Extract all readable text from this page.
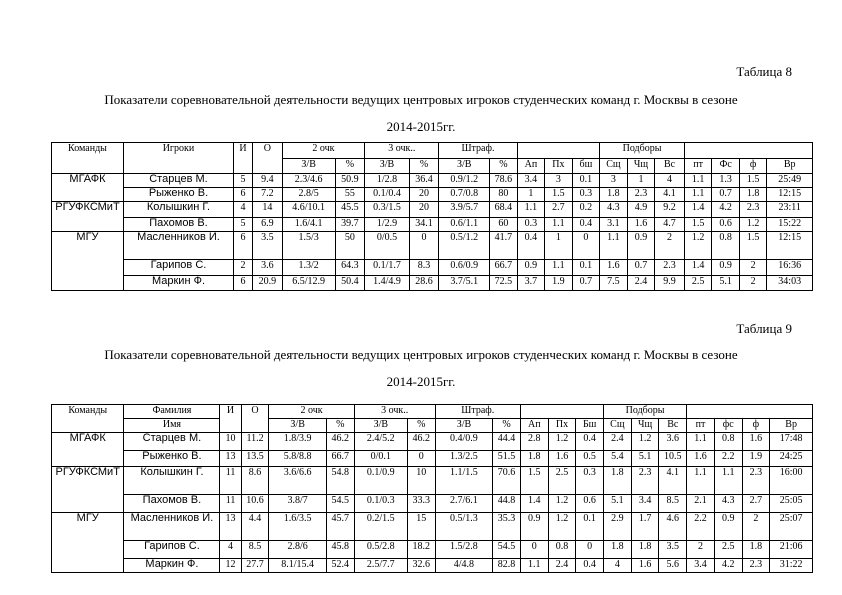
Таблица 8
Показатели соревновательной деятельности ведущих центровых игроков студенческих команд г. Москвы в сезоне
2014-2015гг.
Команды	Игроки	И	О	2 очк		3 очк..		Штраф.					Подборы						
				З/В	%	З/В	%	З/В	%	Ап	Пх	бш	Сщ	Чщ	Вс	пт	Фс	ф	Вр
МГАФК	Старцев М.	5	9.4	2.3/4.6	50.9	1/2.8	36.4	0.9/1.2	78.6	3.4	3	0.1	3	1	4	1.1	1.3	1.5	25:49
	Рыженко В.	6	7.2	2.8/5	55	0.1/0.4	20	0.7/0.8	80	1	1.5	0.3	1.8	2.3	4.1	1.1	0.7	1.8	12:15
РГУФКСМиТ	Колышкин Г.	4	14	4.6/10.1	45.5	0.3/1.5	20	3.9/5.7	68.4	1.1	2.7	0.2	4.3	4.9	9.2	1.4	4.2	2.3	23:11
	Пахомов В.	5	6.9	1.6/4.1	39.7	1/2.9	34.1	0.6/1.1	60	0.3	1.1	0.4	3.1	1.6	4.7	1.5	0.6	1.2	15:22
МГУ	Масленников И.	6	3.5	1.5/3	50	0/0.5	0	0.5/1.2	41.7	0.4	1	0	1.1	0.9	2	1.2	0.8	1.5	12:15
	Гарипов С.	2	3.6	1.3/2	64.3	0.1/1.7	8.3	0.6/0.9	66.7	0.9	1.1	0.1	1.6	0.7	2.3	1.4	0.9	2	16:36
	Маркин Ф.	6	20.9	6.5/12.9	50.4	1.4/4.9	28.6	3.7/5.1	72.5	3.7	1.9	0.7	7.5	2.4	9.9	2.5	5.1	2	34:03
Таблица 9
Показатели соревновательной деятельности ведущих центровых игроков студенческих команд г. Москвы в сезоне
2014-2015гг.
Команды	Фамилия	И	О	2 очк		3 очк..		Штраф.					Подборы						
	Имя			З/В	%	З/В	%	З/В	%	Ап	Пх	Бш	Сщ	Чщ	Вс	пт	фс	ф	Вр
МГАФК	Старцев М.	10	11.2	1.8/3.9	46.2	2.4/5.2	46.2	0.4/0.9	44.4	2.8	1.2	0.4	2.4	1.2	3.6	1.1	0.8	1.6	17:48
	Рыженко В.	13	13.5	5.8/8.8	66.7	0/0.1	0	1.3/2.5	51.5	1.8	1.6	0.5	5.4	5.1	10.5	1.6	2.2	1.9	24:25
РГУФКСМиТ	Колышкин Г.	11	8.6	3.6/6.6	54.8	0.1/0.9	10	1.1/1.5	70.6	1.5	2.5	0.3	1.8	2.3	4.1	1.1	1.1	2.3	16:00
	Пахомов В.	11	10.6	3.8/7	54.5	0.1/0.3	33.3	2.7/6.1	44.8	1.4	1.2	0.6	5.1	3.4	8.5	2.1	4.3	2.7	25:05
МГУ	Масленников И.	13	4.4	1.6/3.5	45.7	0.2/1.5	15	0.5/1.3	35.3	0.9	1.2	0.1	2.9	1.7	4.6	2.2	0.9	2	25:07
	Гарипов С.	4	8.5	2.8/6	45.8	0.5/2.8	18.2	1.5/2.8	54.5	0	0.8	0	1.8	1.8	3.5	2	2.5	1.8	21:06
	Маркин Ф.	12	27.7	8.1/15.4	52.4	2.5/7.7	32.6	4/4.8	82.8	1.1	2.4	0.4	4	1.6	5.6	3.4	4.2	2.3	31:22
